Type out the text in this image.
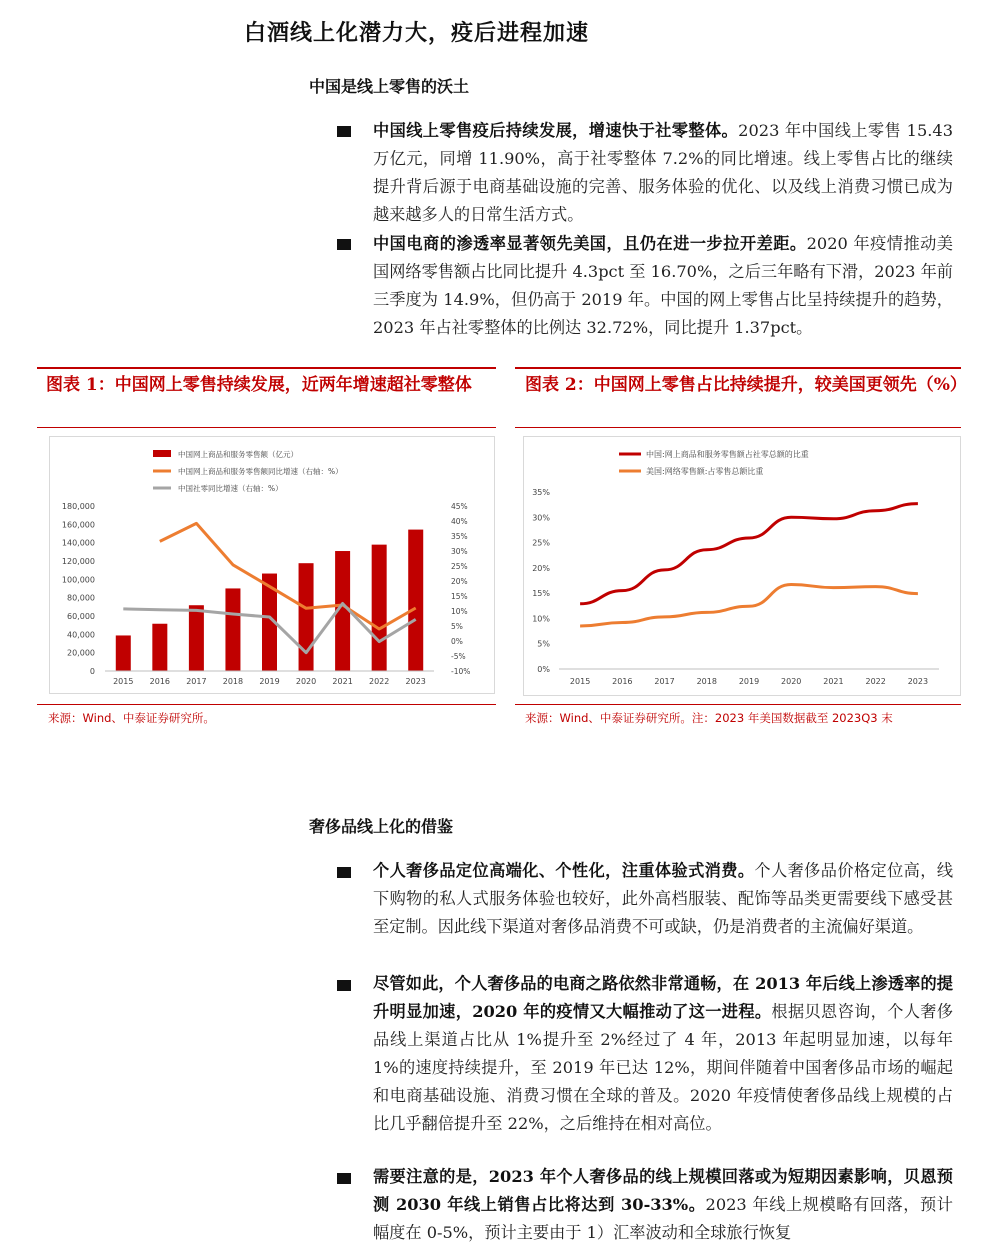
白酒线上化潜力大，疫后进程加速
中国是线上零售的沃土
中国线上零售疫后持续发展，增速快于社零整体。2023 年中国线上零售 15.43 万亿元，同增 11.90%，高于社零整体 7.2%的同比增速。线上零售占比的继续提升背后源于电商基础设施的完善、服务体验的优化、以及线上消费习惯已成为越来越多人的日常生活方式。
中国电商的渗透率显著领先美国，且仍在进一步拉开差距。2020 年疫情推动美国网络零售额占比同比提升 4.3pct 至 16.70%，之后三年略有下滑，2023 年前三季度为 14.9%，但仍高于 2019 年。中国的网上零售占比呈持续提升的趋势，2023 年占社零整体的比例达 32.72%，同比提升 1.37pct。
图表 1：中国网上零售持续发展，近两年增速超社零整体	图表 2：中国网上零售占比持续提升，较美国更领先（%）
中国网上商品和服务零售额（亿元）
中国网上商品和服务零售额同比增速（右轴：%）
中国社零同比增速（右轴：%）
0
20,000
40,000
60,000
80,000
100,000
120,000
140,000
160,000
180,000
-10%
-5%
0%
5%
10%
15%
20%
25%
30%
35%
40%
45%
2015 2016 2017 2018 2019 2020 2021 2022 2023
来源：Wind、中泰证券研究所。
中国:网上商品和服务零售额占社零总额的比重
美国:网络零售额:占零售总额比重
0%
5%
10%
15%
20%
25%
30%
35%
2015	2016	2017	2018	2019	2020	2021	2022	2023
来源：Wind、中泰证券研究所。注：2023 年美国数据截至 2023Q3 末
奢侈品线上化的借鉴
个人奢侈品定位高端化、个性化，注重体验式消费。个人奢侈品价格定位高，线下购物的私人式服务体验也较好，此外高档服装、配饰等品类更需要线下感受甚至定制。因此线下渠道对奢侈品消费不可或缺，仍是消费者的主流偏好渠道。
尽管如此，个人奢侈品的电商之路依然非常通畅，在 2013 年后线上渗透率的提升明显加速，2020 年的疫情又大幅推动了这一进程。根据贝恩咨询，个人奢侈品线上渠道占比从 1%提升至 2%经过了 4 年，2013 年起明显加速，以每年 1%的速度持续提升，至 2019 年已达 12%，期间伴随着中国奢侈品市场的崛起和电商基础设施、消费习惯在全球的普及。2020 年疫情使奢侈品线上规模的占比几乎翻倍提升至 22%，之后维持在相对高位。
需要注意的是，2023 年个人奢侈品的线上规模回落或为短期因素影响，贝恩预测 2030 年线上销售占比将达到 30-33%。2023 年线上规模略有回落，预计幅度在 0-5%，预计主要由于 1）汇率波动和全球旅行恢复
